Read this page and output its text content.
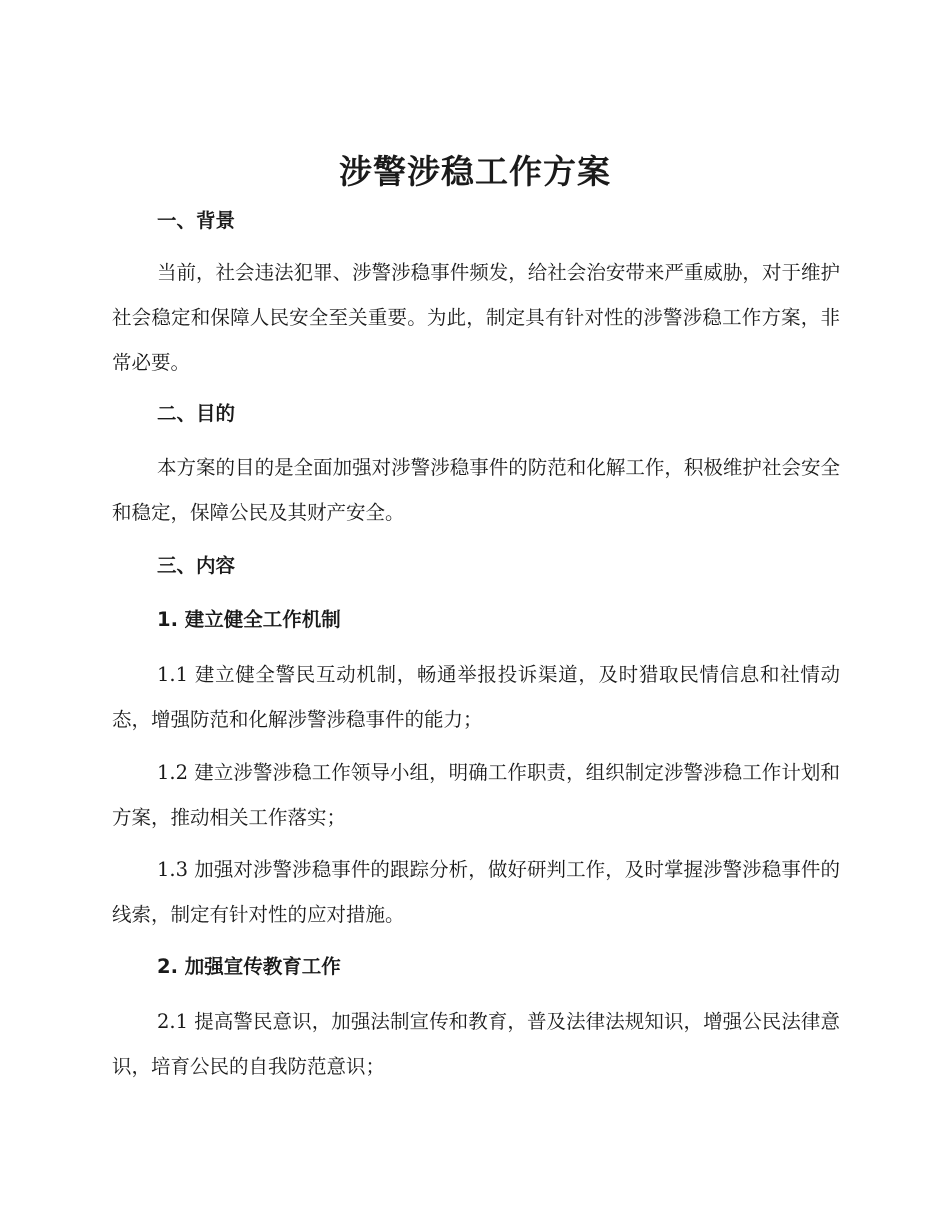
涉警涉稳工作方案
一、背景
当前，社会违法犯罪、涉警涉稳事件频发，给社会治安带来严重威胁，对于维护社会稳定和保障人民安全至关重要。为此，制定具有针对性的涉警涉稳工作方案，非常必要。
二、目的
本方案的目的是全面加强对涉警涉稳事件的防范和化解工作，积极维护社会安全和稳定，保障公民及其财产安全。
三、内容
1. 建立健全工作机制
1.1 建立健全警民互动机制，畅通举报投诉渠道，及时猎取民情信息和社情动态，增强防范和化解涉警涉稳事件的能力；
1.2 建立涉警涉稳工作领导小组，明确工作职责，组织制定涉警涉稳工作计划和方案，推动相关工作落实；
1.3 加强对涉警涉稳事件的跟踪分析，做好研判工作，及时掌握涉警涉稳事件的线索，制定有针对性的应对措施。
2. 加强宣传教育工作
2.1 提高警民意识，加强法制宣传和教育，普及法律法规知识，增强公民法律意识，培育公民的自我防范意识；
